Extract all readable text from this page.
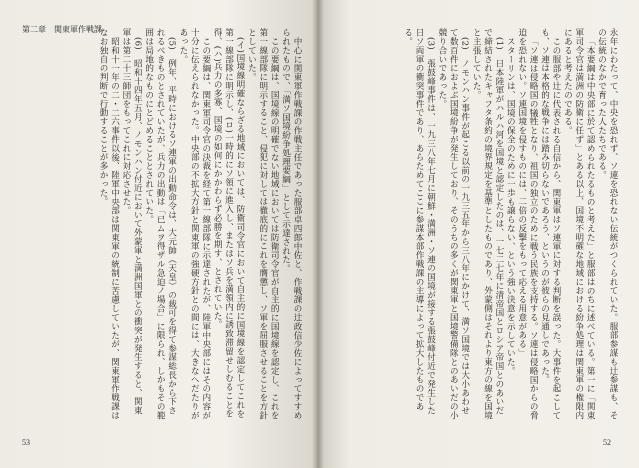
第二章　関東軍作戦課

中心に関東軍作戦課の作戦主任であった服部卓四郎中佐と、作戦課の辻政信少佐によってすすめられたもので、「満ソ国境紛争処理要綱」として示達された。

この要綱は、国境線の明確でない地域においては防衛司令官が自主的に国境線を認定し、これを第一線部隊に明示すること、侵犯に対しては徹底的にこれを膺懲し、ソ軍を屈服させることを方針としていた。

(イ)国境線明確ならざる地域においては、防衛司令官において自主的に国境線を認定してこれを第一線部隊に明示し、(ロ)一時的にソ領に進入し、またはソ兵を満領内に誘致滞留せしむることを得、(ハ)兵力の多寡、国境の如何にかかわらず必勝を期す、とされていた。

この要綱は、関東軍司令官の決裁を経て第一線部隊に示達されたが、陸軍中央部にはその内容が十分に伝えられなかった。中央部の不拡大方針と関東軍の強硬方針との間には、大きなへだたりがあった。

(5)　例年、平時におけるソ連軍の出動命令は、大元帥（天皇）の裁可を得て参謀総長から下されるべきものとされていたが、兵力の出動は「已ムヲ得ザル急迫ノ場合」に限られ、しかもその範囲は局地的なものにとどめることとされていた。

(6)　昭和十四年五月、ノモンハン付近において外蒙軍と満洲国軍との衝突が発生すると、関東軍は第二十三師団をもってこれに対応させた。

昭和十一年の二・二六事件以後、陸軍中央部は関東軍の統制に苦慮していたが、関東軍作戦課はなお独自の判断で行動することが多かった。

53

永年にわたって、中央を恐れず、ソ連を恐れない伝統がつくられていた。服部参謀も辻参謀も、その伝統のなかで育った人たちである。

「本要綱は中央部に於て認められたるものと考えた」と服部はのちに述べている。第一に「関東軍司令官は満洲の防衛に任ず」とある以上、国境不明確な地域における紛争処理は関東軍の権限内にあると考えたのである。

この服部や辻に代表される自信から、関東軍はソ連軍に対する判断を誤った。大事件を起こしても、ソ連は本格的な戦争には踏み切らないであろう、というのが彼らの見通しであった。

「ソ連は侵略国の犠牲となり、祖国の独立のために戦う民族を支持する。ソ連は侵略国からの脅迫を恐れない。ソ連国境を侵すものには、二倍の反撃をもって応える用意がある」

スターリンは、国境の保全のために一歩も譲らない、という強い決意を示していた。

(1)　日本陸軍がハルハ河を国境と認定したのは、一七二七年に清帝国とロシア帝国とのあいだで締結されたキャフタ条約の境界規定を基準としたものであり、外蒙側はそれより東方の線を国境と主張していた。

(2)　ノモンハン事件が起こる以前の一九三五年から三八年にかけて、満ソ国境では大小あわせて数百件におよぶ国境紛争が発生しており、そのうちの多くが関東軍と国境警備隊とのあいだの小競り合いであった。

(3)　張鼓峰事件は、一九三八年七月に朝鮮・満洲・ソ連の国境が接する張鼓峰付近で発生した日ソ両軍の衝突事件であり、あらためてここに参謀本部作戦課の主導によって拡大したものである。

52
